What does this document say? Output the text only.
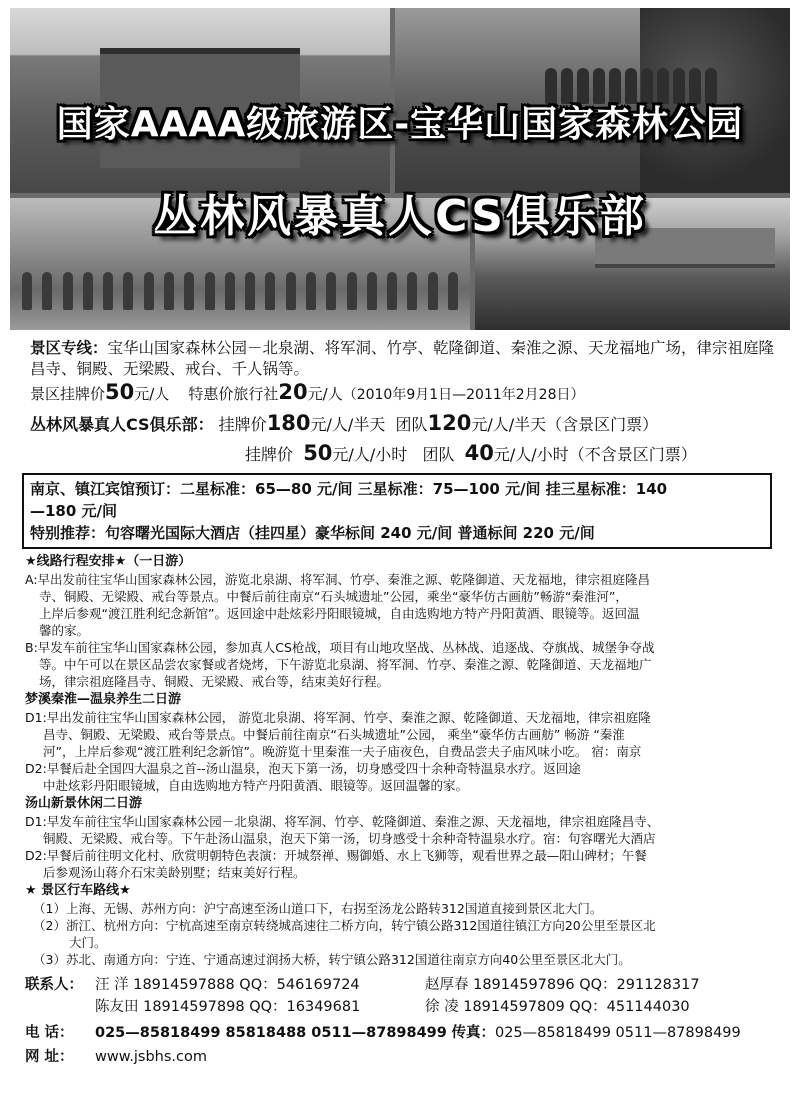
国家AAAA级旅游区-宝华山国家森林公园
丛林风暴真人CS俱乐部
景区专线：宝华山国家森林公园－北泉湖、将军洞、竹亭、乾隆御道、秦淮之源、天龙福地广场，律宗祖庭隆昌寺、铜殿、无梁殿、戒台、千人锅等。
景区挂牌价50元/人 特惠价旅行社20元/人（2010年9月1日—2011年2月28日）
丛林风暴真人CS俱乐部： 挂牌价180元/人/半天 团队120元/人/半天（含景区门票）
挂牌价 50元/人/小时 团队 40元/人/小时（不含景区门票）
南京、镇江宾馆预订：二星标准：65—80 元/间 三星标准：75—100 元/间 挂三星标准：140
—180 元/间
特别推荐：句容曙光国际大酒店（挂四星）豪华标间 240 元/间 普通标间 220 元/间
★线路行程安排★（一日游）
A:早出发前往宝华山国家森林公园，游览北泉湖、将军洞、竹亭、秦淮之源、乾隆御道、天龙福地，律宗祖庭隆昌
寺、铜殿、无梁殿、戒台等景点。中餐后前往南京“石头城遗址”公园，乘坐“豪华仿古画舫”畅游“秦淮河”，
上岸后参观“渡江胜利纪念新馆”。返回途中赴炫彩丹阳眼镜城，自由选购地方特产丹阳黄酒、眼镜等。返回温
馨的家。
B:早发车前往宝华山国家森林公园，参加真人CS枪战，项目有山地攻坚战、丛林战、追逐战、夺旗战、城堡争夺战
等。中午可以在景区品尝农家餐或者烧烤，下午游览北泉湖、将军洞、竹亭、秦淮之源、乾隆御道、天龙福地广
场，律宗祖庭隆昌寺、铜殿、无梁殿、戒台等，结束美好行程。
梦溪秦淮—温泉养生二日游
D1:早出发前往宝华山国家森林公园， 游览北泉湖、将军洞、竹亭、秦淮之源、乾隆御道、天龙福地，律宗祖庭隆
昌寺、铜殿、无梁殿、戒台等景点。中餐后前往南京“石头城遗址”公园， 乘坐“豪华仿古画舫” 畅游 “秦淮
河”，上岸后参观“渡江胜利纪念新馆”。晚游览十里秦淮一夫子庙夜色，自费品尝夫子庙风味小吃。 宿：南京
D2:早餐后赴全国四大温泉之首--汤山温泉，泡天下第一汤，切身感受四十余种奇特温泉水疗。返回途
中赴炫彩丹阳眼镜城，自由选购地方特产丹阳黄酒、眼镜等。返回温馨的家。
汤山新景休闲二日游
D1:早发车前往宝华山国家森林公园－北泉湖、将军洞、竹亭、乾隆御道、秦淮之源、天龙福地，律宗祖庭隆昌寺、
铜殿、无梁殿、戒台等。下午赴汤山温泉，泡天下第一汤，切身感受十余种奇特温泉水疗。宿：句容曙光大酒店
D2:早餐后前往明文化村、欣赏明朝特色表演：开城祭禅、赐御婚、水上飞狮等，观看世界之最—阳山碑材；午餐
后参观汤山蒋介石宋美龄别墅；结束美好行程。
★ 景区行车路线★
（1）上海、无锡、苏州方向：沪宁高速至汤山道口下，右拐至汤龙公路转312国道直接到景区北大门。
（2）浙江、杭州方向：宁杭高速至南京转绕城高速往二桥方向，转宁镇公路312国道往镇江方向20公里至景区北
大门。
（3）苏北、南通方向：宁连、宁通高速过润扬大桥，转宁镇公路312国道往南京方向40公里至景区北大门。
联系人： 汪 洋 18914597888 QQ：546169724	赵厚春 18914597896 QQ：291128317
陈友田 18914597898 QQ：16349681	徐 凌 18914597809 QQ：451144030
电 话： 025—85818499 85818488 0511—87898499 传真：025—85818499 0511—87898499
网 址： www.jsbhs.com
